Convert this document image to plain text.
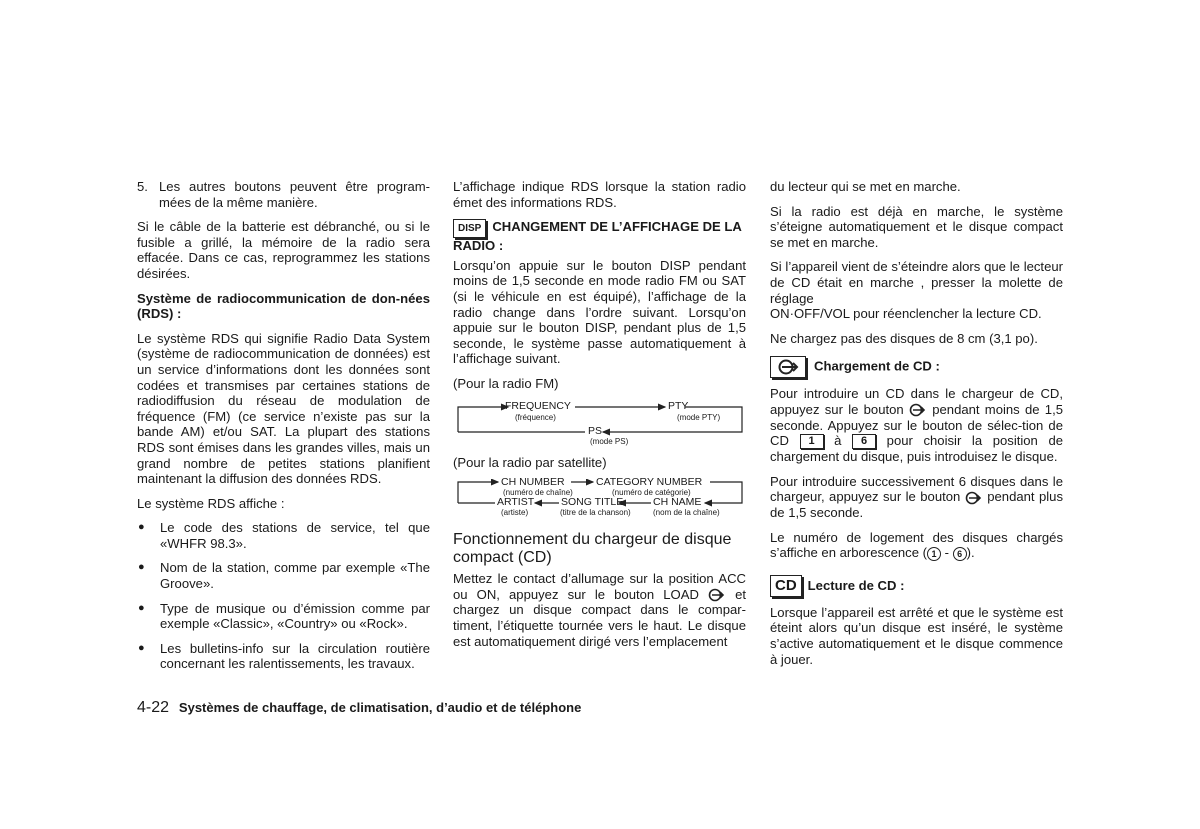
5. Les autres boutons peuvent être program-mées de la même manière.

Si le câble de la batterie est débranché, ou si le fusible a grillé, la mémoire de la radio sera effacée. Dans ce cas, reprogrammez les stations désirées.

Système de radiocommunication de don-nées (RDS) :

Le système RDS qui signifie Radio Data System (système de radiocommunication de données) est un service d’informations dont les données sont codées et transmises par certaines stations de radiodiffusion du réseau de modulation de fréquence (FM) (ce service n’existe pas sur la bande AM) et/ou SAT. La plupart des stations RDS sont émises dans les grandes villes, mais un grand nombre de petites stations planifient maintenant la diffusion des données RDS.

Le système RDS affiche :

●	Le code des stations de service, tel que «WHFR 98.3».
●	Nom de la station, comme par exemple «The Groove».
●	Type de musique ou d’émission comme par exemple «Classic», «Country» ou «Rock».
●	Les bulletins-info sur la circulation routière concernant les ralentissements, les travaux.

L’affichage indique RDS lorsque la station radio émet des informations RDS.

DISP CHANGEMENT DE L’AFFICHAGE DE LA RADIO :

Lorsqu’on appuie sur le bouton DISP pendant moins de 1,5 seconde en mode radio FM ou SAT (si le véhicule en est équipé), l’affichage de la radio change dans l’ordre suivant. Lorsqu’on appuie sur le bouton DISP, pendant plus de 1,5 seconde, le système passe automatiquement à l’affichage suivant.

(Pour la radio FM)

FREQUENCY
(fréquence)
PTY
(mode PTY)
PS
(mode PS)

(Pour la radio par satellite)

CH NUMBER
(numéro de chaîne)
CATEGORY NUMBER
(numéro de catégorie)
ARTIST
(artiste)
SONG TITLE
(titre de la chanson)
CH NAME
(nom de la chaîne)
Fonctionnement du chargeur de disque compact (CD)

Mettez le contact d’allumage sur la position ACC ou ON, appuyez sur le bouton LOAD	et chargez un disque compact dans le compar-timent, l’étiquette tournée vers le haut. Le disque est automatiquement dirigé vers l’emplacement

du lecteur qui se met en marche.

Si la radio est déjà en marche, le système s’éteigne automatiquement et le disque compact se met en marche.

Si l’appareil vient de s’éteindre alors que le lecteur de CD était en marche , presser la molette de réglage

ON·OFF/VOL pour réenclencher la lecture CD.

Ne chargez pas des disques de 8 cm (3,1 po).

Chargement de CD :

Pour introduire un CD dans le chargeur de CD, appuyez sur le bouton pendant moins de 1,5 seconde. Appuyez sur le bouton de sélec-tion de CD 1 à 6 pour choisir la position de chargement du disque, puis introduisez le disque.

Pour introduire successivement 6 disques dans le chargeur, appuyez sur le bouton pendant plus de 1,5 seconde.

Le numéro de logement des disques chargés s’affiche en arborescence ( 1 - 6 ).

CD Lecture de CD :

Lorsque l’appareil est arrêté et que le système est éteint alors qu’un disque est inséré, le système s’active automatiquement et le disque commence à jouer.

4-22 Systèmes de chauffage, de climatisation, d’audio et de téléphone
